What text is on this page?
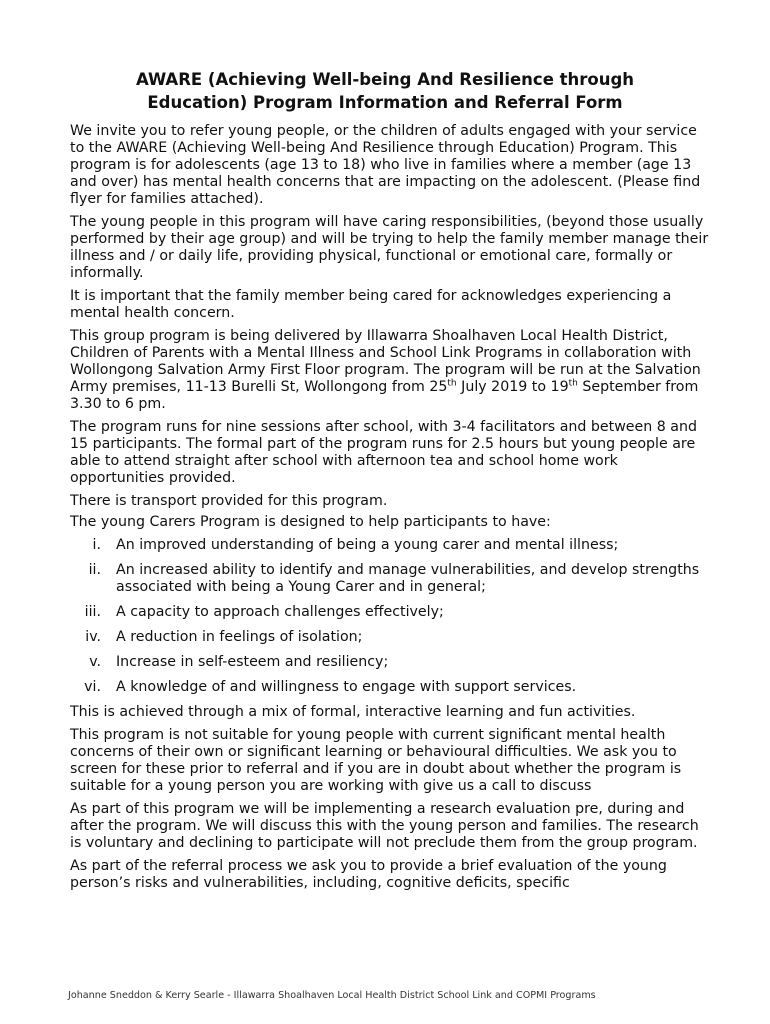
AWARE (Achieving Well-being And Resilience through
Education) Program Information and Referral Form

We invite you to refer young people, or the children of adults engaged with your service to the AWARE (Achieving Well-being And Resilience through Education) Program. This program is for adolescents (age 13 to 18) who live in families where a member (age 13 and over) has mental health concerns that are impacting on the adolescent. (Please find flyer for families attached).

The young people in this program will have caring responsibilities, (beyond those usually performed by their age group) and will be trying to help the family member manage their illness and / or daily life, providing physical, functional or emotional care, formally or informally.

It is important that the family member being cared for acknowledges experiencing a mental health concern.

This group program is being delivered by Illawarra Shoalhaven Local Health District, Children of Parents with a Mental Illness and School Link Programs in collaboration with Wollongong Salvation Army First Floor program. The program will be run at the Salvation Army premises, 11-13 Burelli St, Wollongong from 25th July 2019 to 19th September from 3.30 to 6 pm.

The program runs for nine sessions after school, with 3-4 facilitators and between 8 and 15 participants. The formal part of the program runs for 2.5 hours but young people are able to attend straight after school with afternoon tea and school home work opportunities provided.

There is transport provided for this program.

The young Carers Program is designed to help participants to have:

i. An improved understanding of being a young carer and mental illness;
ii. An increased ability to identify and manage vulnerabilities, and develop strengths associated with being a Young Carer and in general;
iii. A capacity to approach challenges effectively;
iv. A reduction in feelings of isolation;
v. Increase in self-esteem and resiliency;
vi. A knowledge of and willingness to engage with support services.

This is achieved through a mix of formal, interactive learning and fun activities.

This program is not suitable for young people with current significant mental health concerns of their own or significant learning or behavioural difficulties. We ask you to screen for these prior to referral and if you are in doubt about whether the program is suitable for a young person you are working with give us a call to discuss

As part of this program we will be implementing a research evaluation pre, during and after the program. We will discuss this with the young person and families. The research is voluntary and declining to participate will not preclude them from the group program.

As part of the referral process we ask you to provide a brief evaluation of the young person’s risks and vulnerabilities, including, cognitive deficits, specific

Johanne Sneddon & Kerry Searle - Illawarra Shoalhaven Local Health District School Link and COPMI Programs
